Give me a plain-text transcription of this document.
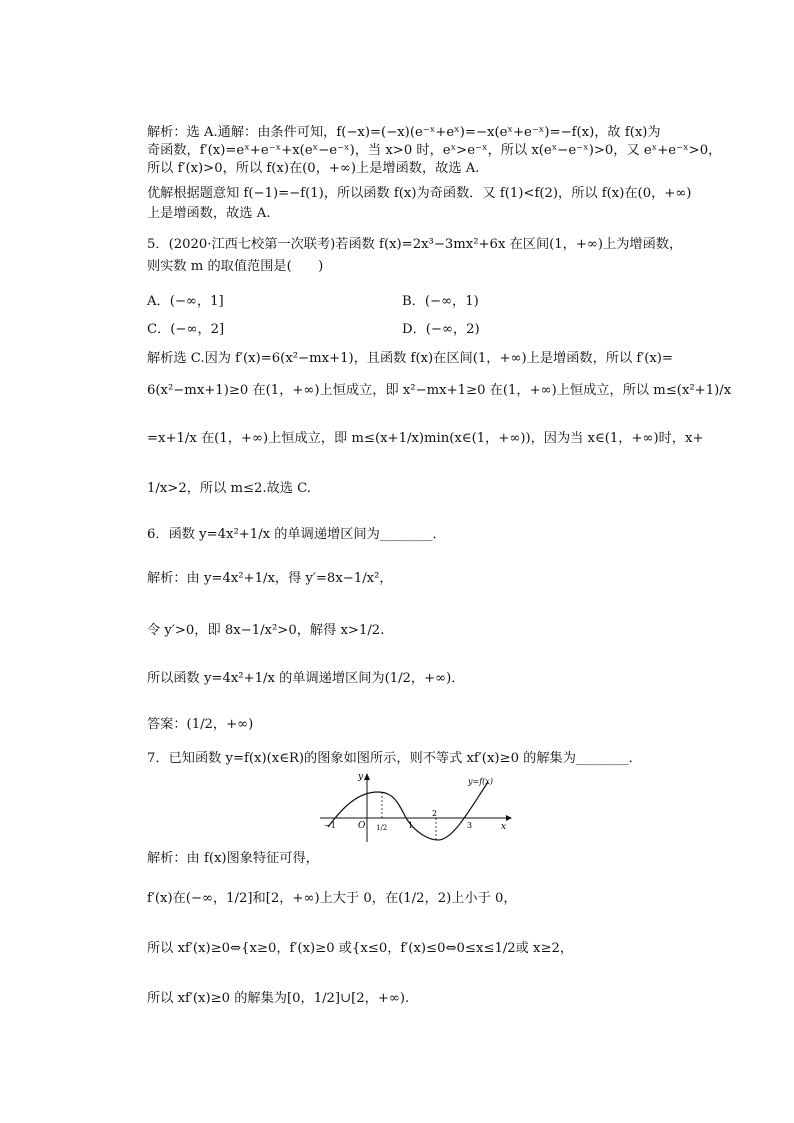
解析：选 A.通解：由条件可知，f(−x)=(−x)(e⁻ˣ+eˣ)=−x(eˣ+e⁻ˣ)=−f(x)，故 f(x)为
奇函数，f′(x)=eˣ+e⁻ˣ+x(eˣ−e⁻ˣ)，当 x>0 时，eˣ>e⁻ˣ，所以 x(eˣ−e⁻ˣ)>0，又 eˣ+e⁻ˣ>0，
所以 f′(x)>0，所以 f(x)在(0，+∞)上是增函数，故选 A.
优解根据题意知 f(−1)=−f(1)，所以函数 f(x)为奇函数．又 f(1)<f(2)，所以 f(x)在(0，+∞)
上是增函数，故选 A.
5．(2020·江西七校第一次联考)若函数 f(x)=2x³−3mx²+6x 在区间(1，+∞)上为增函数，
则实数 m 的取值范围是(　　)
A．(−∞，1]	B．(−∞，1)
C．(−∞，2]	D．(−∞，2)
解析选 C.因为 f′(x)=6(x²−mx+1)，且函数 f(x)在区间(1，+∞)上是增函数，所以 f′(x)=
6(x²−mx+1)≥0 在(1，+∞)上恒成立，即 x²−mx+1≥0 在(1，+∞)上恒成立，所以 m≤(x²+1)/x
=x+1/x 在(1，+∞)上恒成立，即 m≤(x+1/x)min(x∈(1，+∞))，因为当 x∈(1，+∞)时，x+
1/x>2，所以 m≤2.故选 C.
6．函数 y=4x²+1/x 的单调递增区间为________．
解析：由 y=4x²+1/x，得 y′=8x−1/x²，
令 y′>0，即 8x−1/x²>0，解得 x>1/2.
所以函数 y=4x²+1/x 的单调递增区间为(1/2，+∞)．
答案：(1/2，+∞)
7．已知函数 y=f(x)(x∈R)的图象如图所示，则不等式 xf′(x)≥0 的解集为________．
y
x
O
y=f(x)
−1	1/2	1
2
3
解析：由 f(x)图象特征可得，
f′(x)在(−∞，1/2]和[2，+∞)上大于 0，在(1/2，2)上小于 0，
所以 xf′(x)≥0⇔{x≥0，f′(x)≥0 或{x≤0，f′(x)≤0⇔0≤x≤1/2或 x≥2，
所以 xf′(x)≥0 的解集为[0，1/2]∪[2，+∞).
